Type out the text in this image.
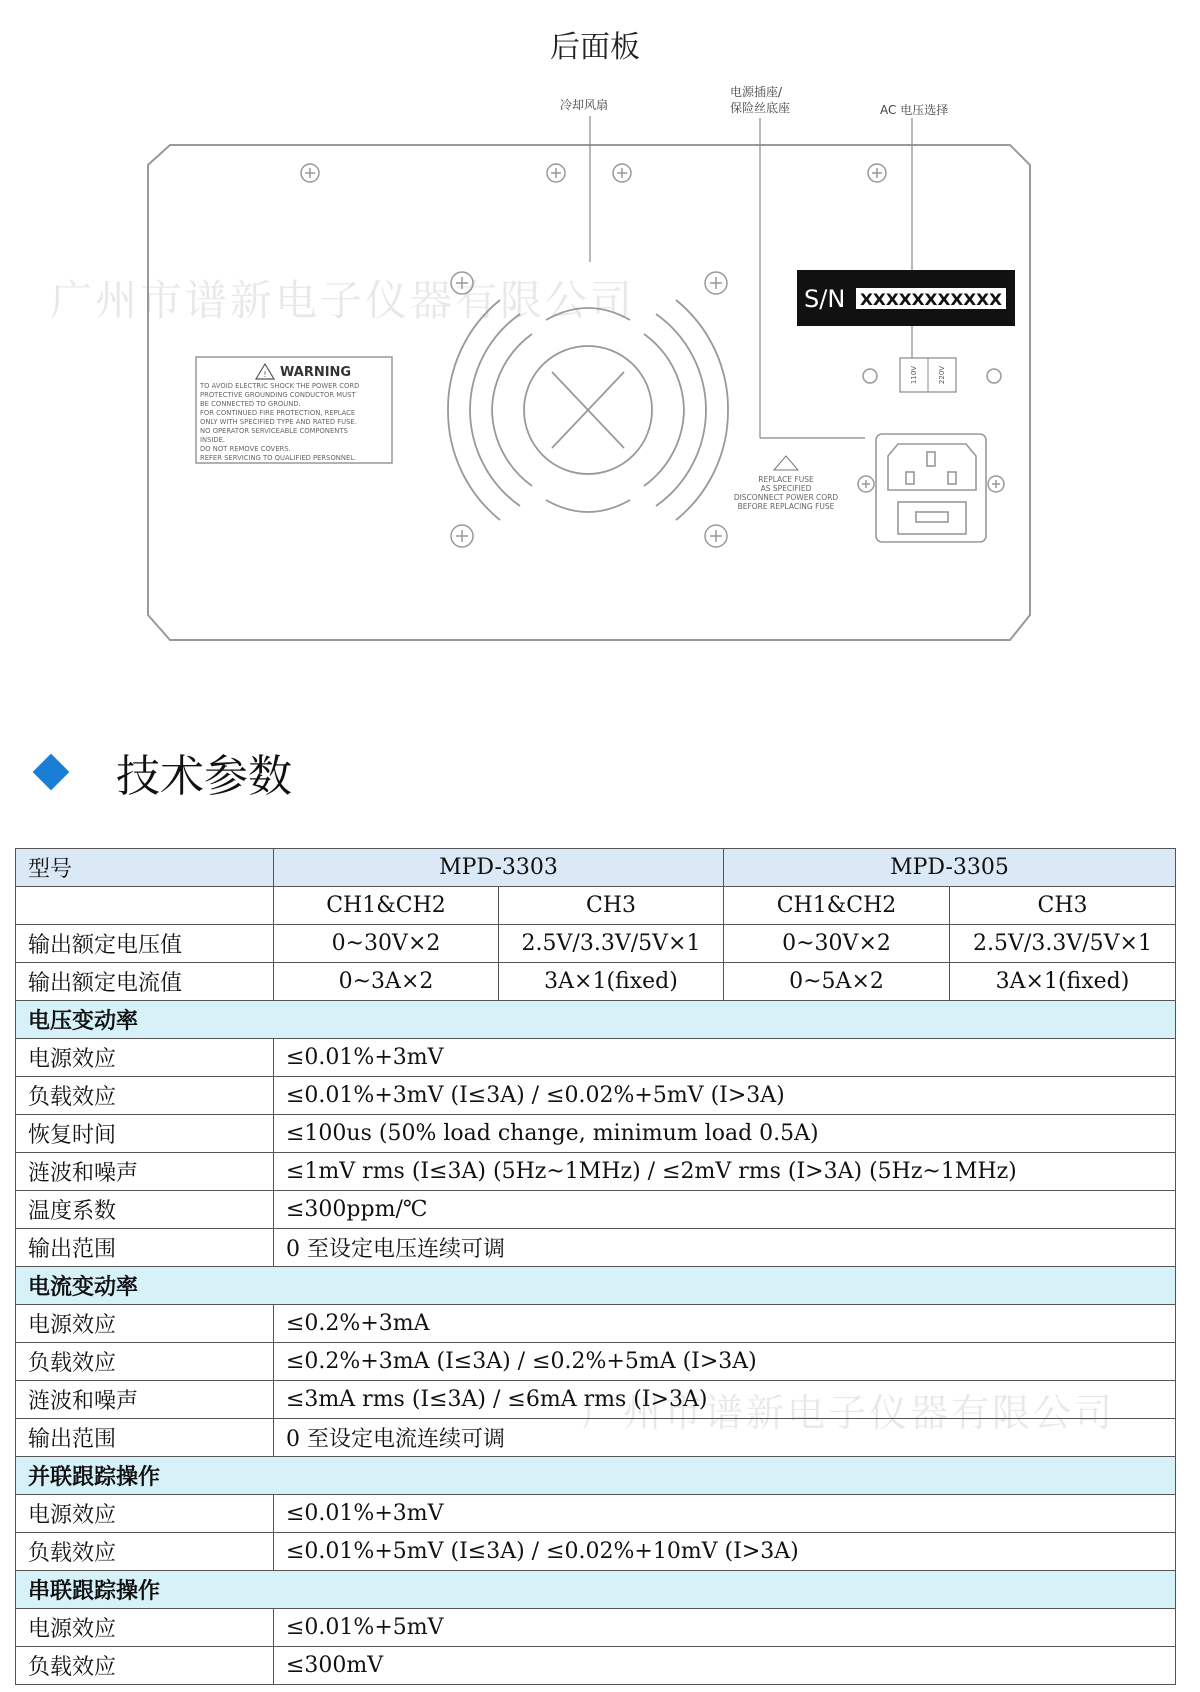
后面板
冷却风扇
电源插座/
保险丝底座	AC 电压选择
! WARNING
TO AVOID ELECTRIC SHOCK THE POWER CORD
PROTECTIVE GROUNDING CONDUCTOR MUST
BE CONNECTED TO GROUND.
FOR CONTINUED FIRE PROTECTION, REPLACE
ONLY WITH SPECIFIED TYPE AND RATED FUSE.
NO OPERATOR SERVICEABLE COMPONENTS
INSIDE.
DO NOT REMOVE COVERS.
REFER SERVICING TO QUALIFIED PERSONNEL.
S/N XXXXXXXXXXX
110V	220V
REPLACE FUSE
AS SPECIFIED
DISCONNECT POWER CORD
BEFORE REPLACING FUSE
广州市谱新电子仪器有限公司
广州市谱新电子仪器有限公司
技术参数
型号	MPD-3303		MPD-3305	
	CH1&CH2	CH3	CH1&CH2	CH3
输出额定电压值	0~30V×2	2.5V/3.3V/5V×1	0~30V×2	2.5V/3.3V/5V×1
输出额定电流值	0~3A×2	3A×1(fixed)	0~5A×2	3A×1(fixed)
电压变动率				
电源效应	≤0.01%+3mV			
负载效应	≤0.01%+3mV (I≤3A) / ≤0.02%+5mV (I>3A)			
恢复时间	≤100us (50% load change, minimum load 0.5A)			
涟波和噪声	≤1mV rms (I≤3A) (5Hz~1MHz) / ≤2mV rms (I>3A) (5Hz~1MHz)			
温度系数	≤300ppm/℃			
输出范围	0 至设定电压连续可调			
电流变动率				
电源效应	≤0.2%+3mA			
负载效应	≤0.2%+3mA (I≤3A) / ≤0.2%+5mA (I>3A)			
涟波和噪声	≤3mA rms (I≤3A) / ≤6mA rms (I>3A)			
输出范围	0 至设定电流连续可调			
并联跟踪操作				
电源效应	≤0.01%+3mV			
负载效应	≤0.01%+5mV (I≤3A) / ≤0.02%+10mV (I>3A)			
串联跟踪操作				
电源效应	≤0.01%+5mV			
负载效应	≤300mV			
